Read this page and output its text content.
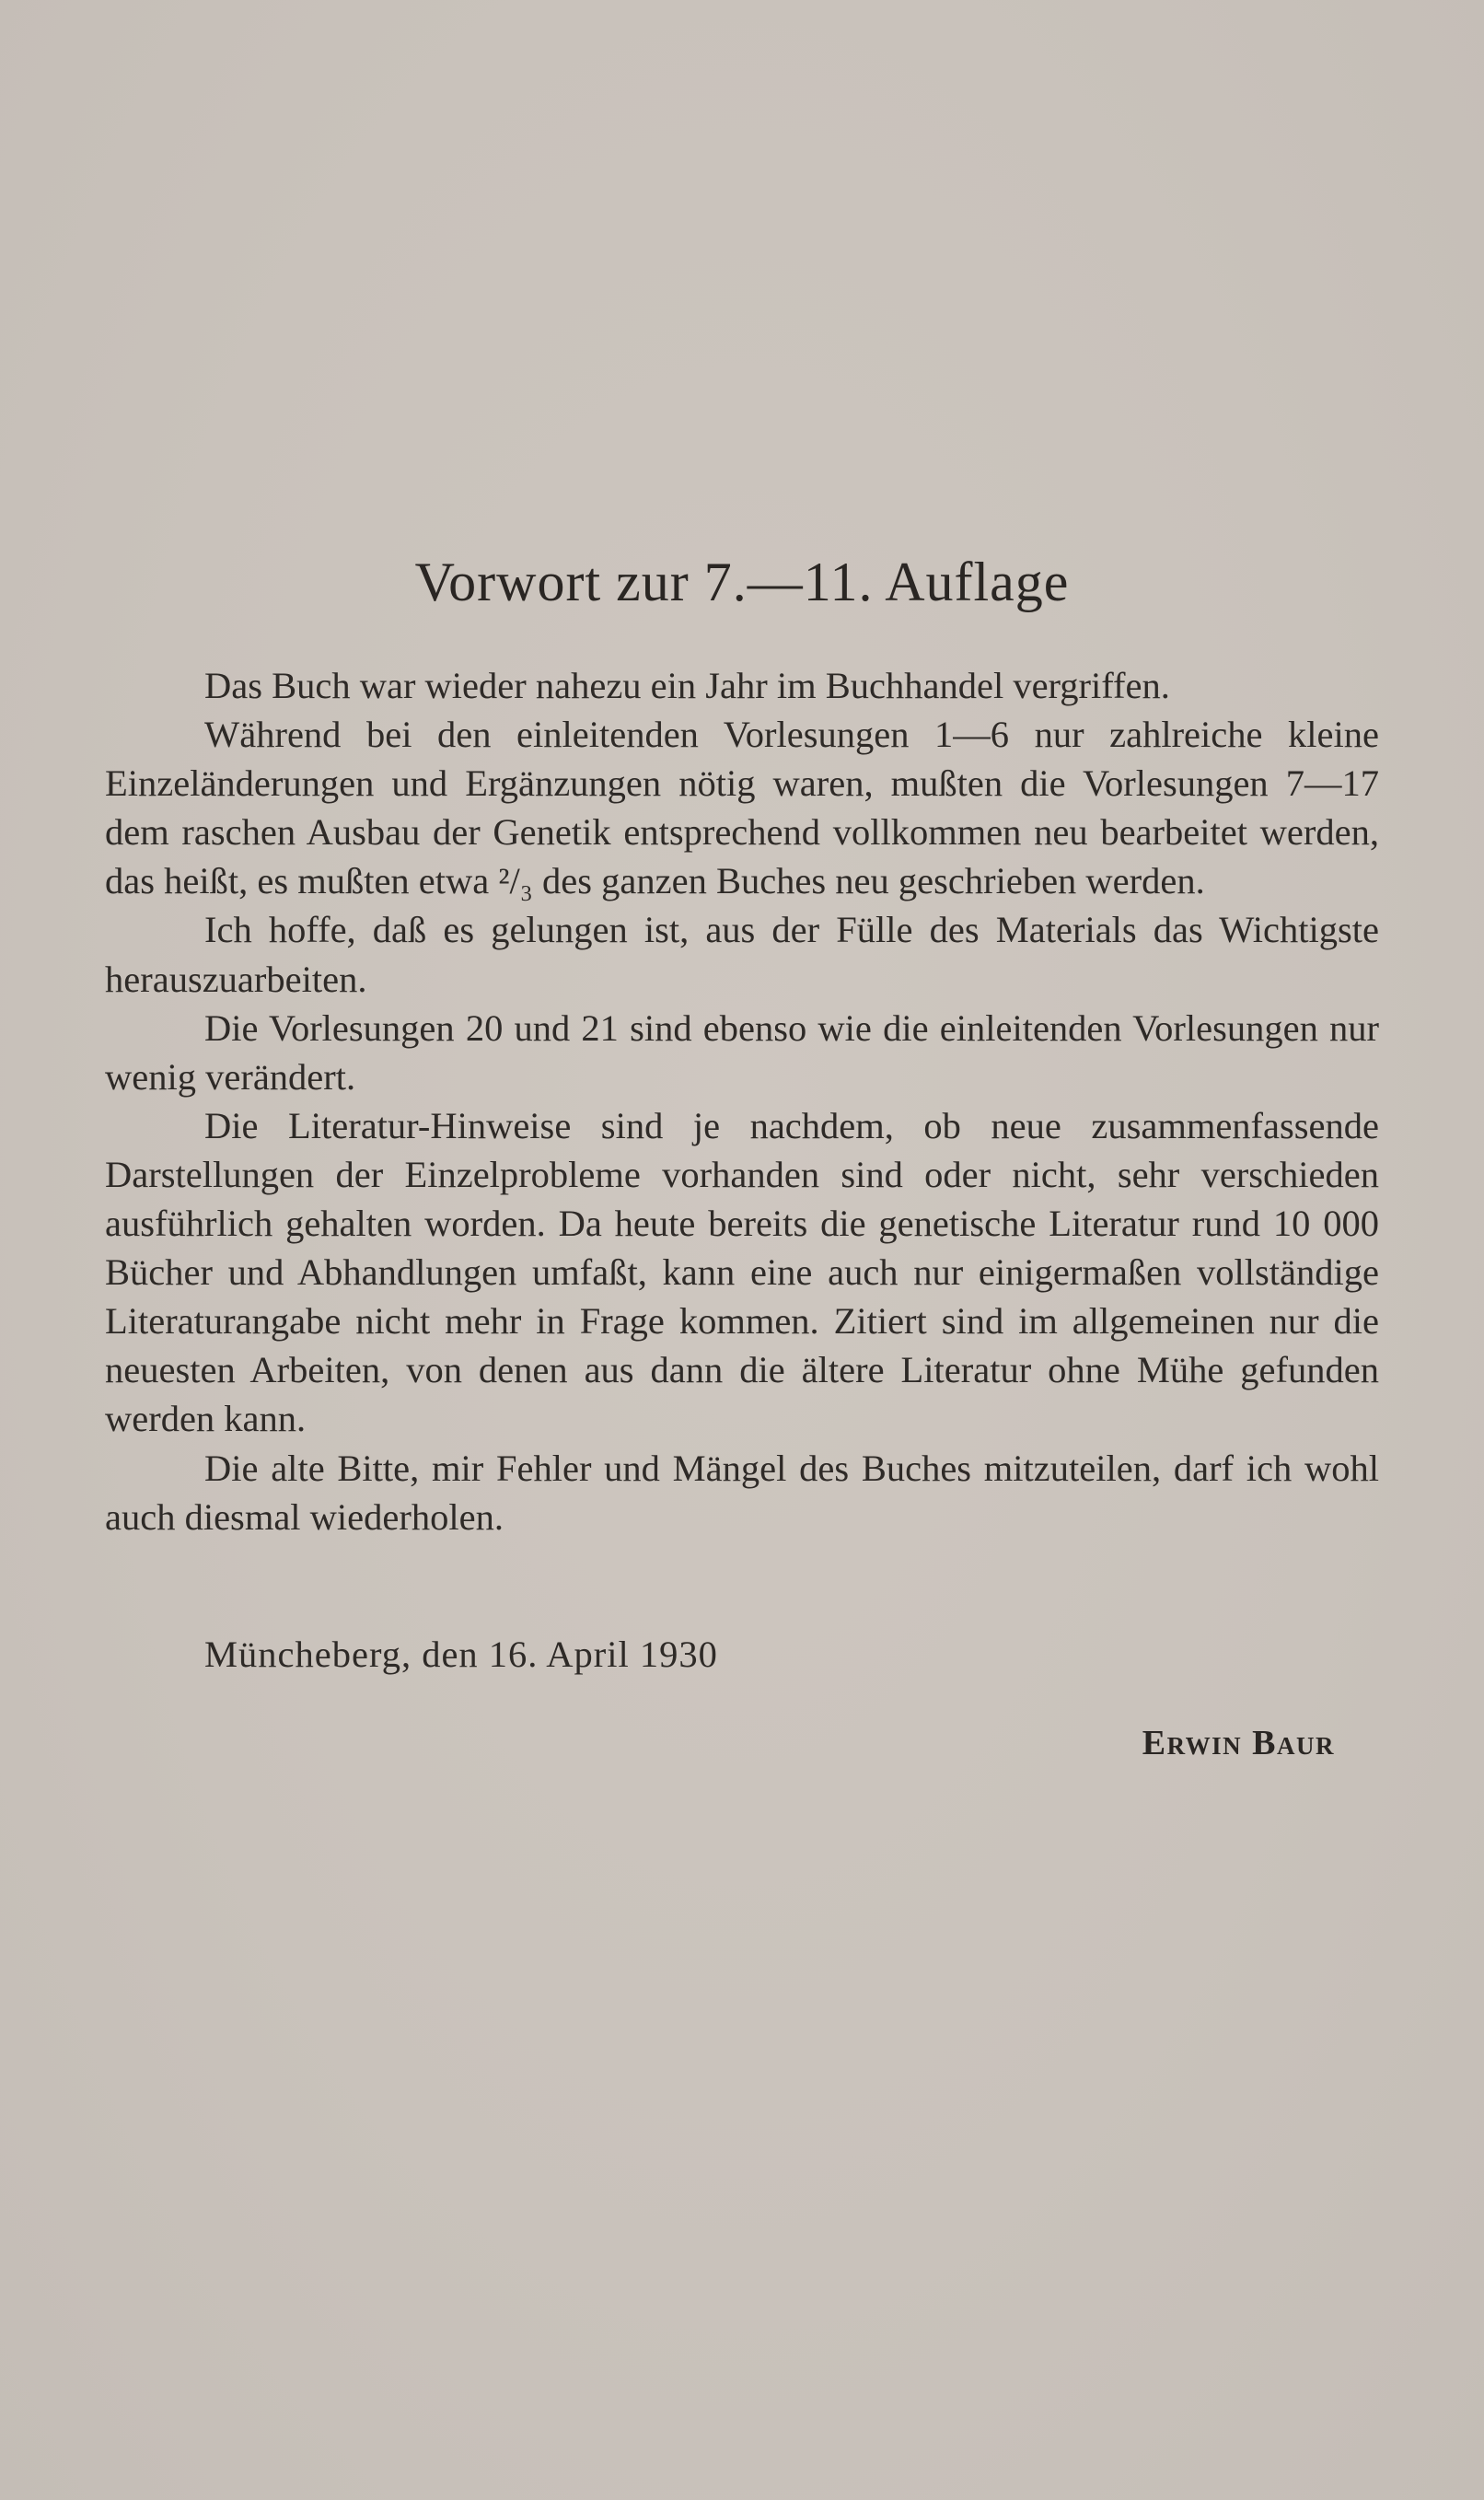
Vorwort zur 7.—11. Auflage

Das Buch war wieder nahezu ein Jahr im Buchhandel vergriffen.

Während bei den einleitenden Vorlesungen 1—6 nur zahlreiche kleine Einzeländerungen und Ergänzungen nötig waren, mußten die Vorlesungen 7—17 dem raschen Ausbau der Genetik entsprechend vollkommen neu bearbeitet werden, das heißt, es mußten etwa ²/₃ des ganzen Buches neu geschrieben werden.

Ich hoffe, daß es gelungen ist, aus der Fülle des Materials das Wichtigste herauszuarbeiten.

Die Vorlesungen 20 und 21 sind ebenso wie die einleitenden Vorlesungen nur wenig verändert.

Die Literatur-Hinweise sind je nachdem, ob neue zusammenfassende Darstellungen der Einzelprobleme vorhanden sind oder nicht, sehr verschieden ausführlich gehalten worden. Da heute bereits die genetische Literatur rund 10 000 Bücher und Abhandlungen umfaßt, kann eine auch nur einigermaßen vollständige Literaturangabe nicht mehr in Frage kommen. Zitiert sind im allgemeinen nur die neuesten Arbeiten, von denen aus dann die ältere Literatur ohne Mühe gefunden werden kann.

Die alte Bitte, mir Fehler und Mängel des Buches mitzuteilen, darf ich wohl auch diesmal wiederholen.

Müncheberg, den 16. April 1930
Erwin Baur
